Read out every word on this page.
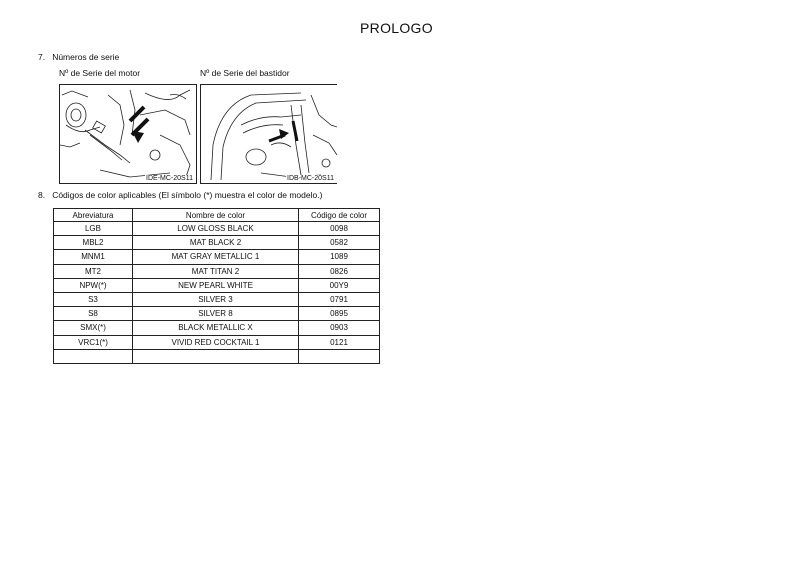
PROLOGO
7. Números de serie
Nº de Serie del motor	Nº de Serie del bastidor
IDE-MC-20S11	IDB-MC-20S11
8. Códigos de color aplicables (El símbolo (*) muestra el color de modelo.)
Abreviatura	Nombre de color	Código de color
LGB	LOW GLOSS BLACK	0098
MBL2	MAT BLACK 2	0582
MNM1	MAT GRAY METALLIC 1	1089
MT2	MAT TITAN 2	0826
NPW(*)	NEW PEARL WHITE	00Y9
S3	SILVER 3	0791
S8	SILVER 8	0895
SMX(*)	BLACK METALLIC X	0903
VRC1(*)	VIVID RED COCKTAIL 1	0121
